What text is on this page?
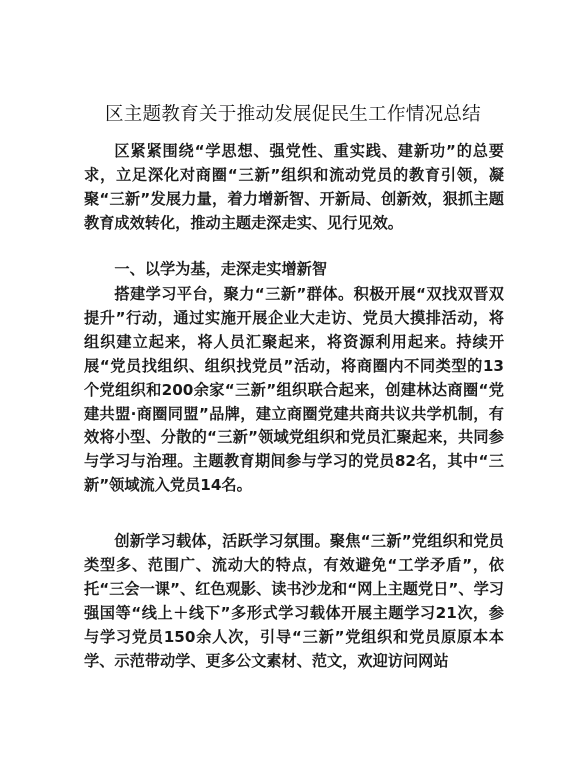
区主题教育关于推动发展促民生工作情况总结

区紧紧围绕“学思想、强党性、重实践、建新功”的总要求，立足深化对商圈“三新”组织和流动党员的教育引领，凝聚“三新”发展力量，着力增新智、开新局、创新效，狠抓主题教育成效转化，推动主题走深走实、见行见效。

一、以学为基，走深走实增新智

搭建学习平台，聚力“三新”群体。积极开展“双找双晋双提升”行动，通过实施开展企业大走访、党员大摸排活动，将组织建立起来，将人员汇聚起来，将资源利用起来。持续开展“党员找组织、组织找党员”活动，将商圈内不同类型的13个党组织和200余家“三新”组织联合起来，创建林达商圈“党建共盟·商圈同盟”品牌，建立商圈党建共商共议共学机制，有效将小型、分散的“三新”领域党组织和党员汇聚起来，共同参与学习与治理。主题教育期间参与学习的党员82名，其中“三新”领域流入党员14名。

创新学习载体，活跃学习氛围。聚焦“三新”党组织和党员类型多、范围广、流动大的特点，有效避免“工学矛盾”，依托“三会一课”、红色观影、读书沙龙和“网上主题党日”、学习强国等“线上＋线下”多形式学习载体开展主题学习21次，参与学习党员150余人次，引导“三新”党组织和党员原原本本学、示范带动学、更多公文素材、范文，欢迎访问网站
